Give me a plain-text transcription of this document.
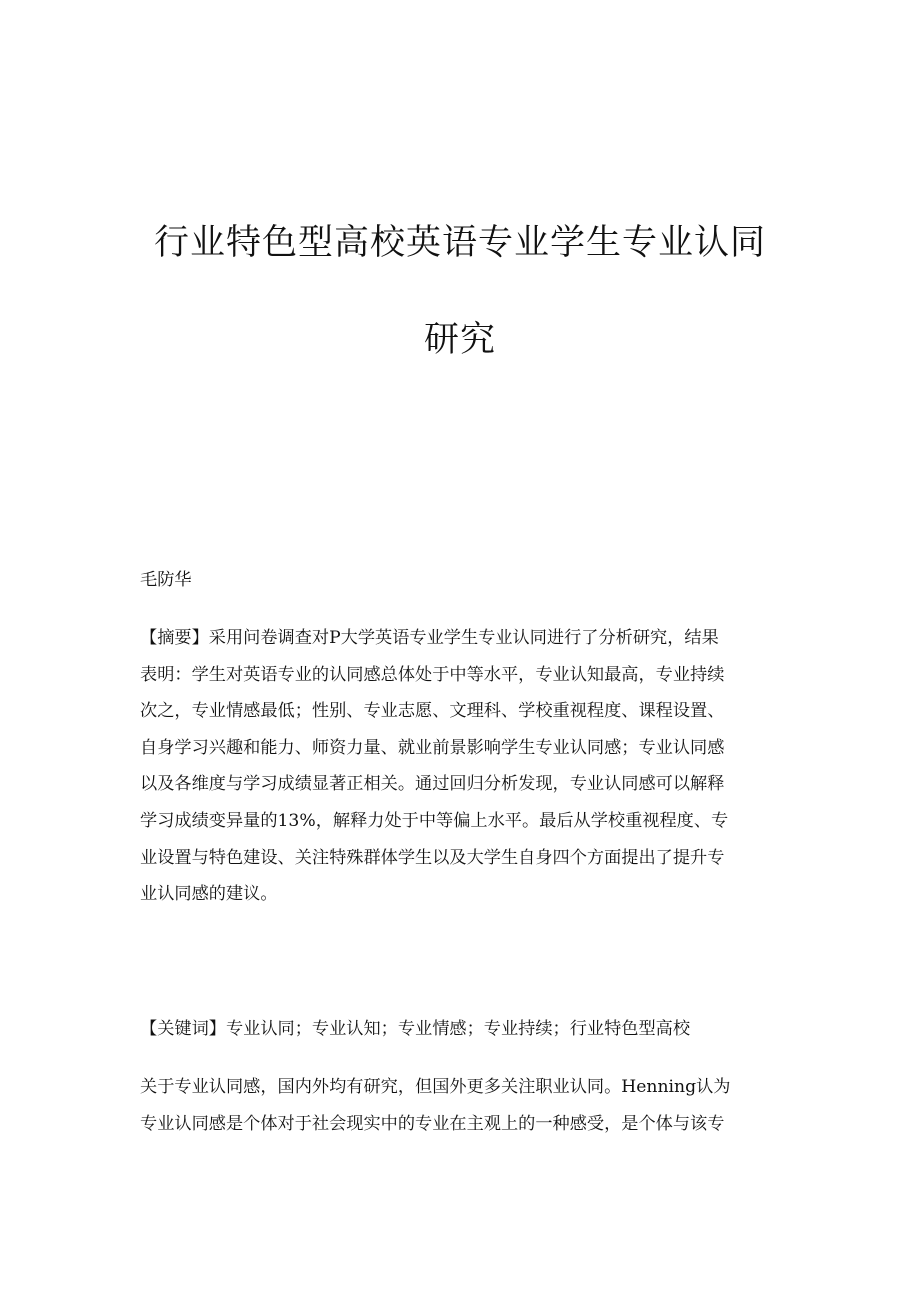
行业特色型高校英语专业学生专业认同
研究
毛防华
【摘要】采用问卷调查对P大学英语专业学生专业认同进行了分析研究，结果
表明：学生对英语专业的认同感总体处于中等水平，专业认知最高，专业持续
次之，专业情感最低；性别、专业志愿、文理科、学校重视程度、课程设置、
自身学习兴趣和能力、师资力量、就业前景影响学生专业认同感；专业认同感
以及各维度与学习成绩显著正相关。通过回归分析发现，专业认同感可以解释
学习成绩变异量的13%，解释力处于中等偏上水平。最后从学校重视程度、专
业设置与特色建设、关注特殊群体学生以及大学生自身四个方面提出了提升专
业认同感的建议。
【关键词】专业认同；专业认知；专业情感；专业持续；行业特色型高校
关于专业认同感，国内外均有研究，但国外更多关注职业认同。Henning认为
专业认同感是个体对于社会现实中的专业在主观上的一种感受，是个体与该专
